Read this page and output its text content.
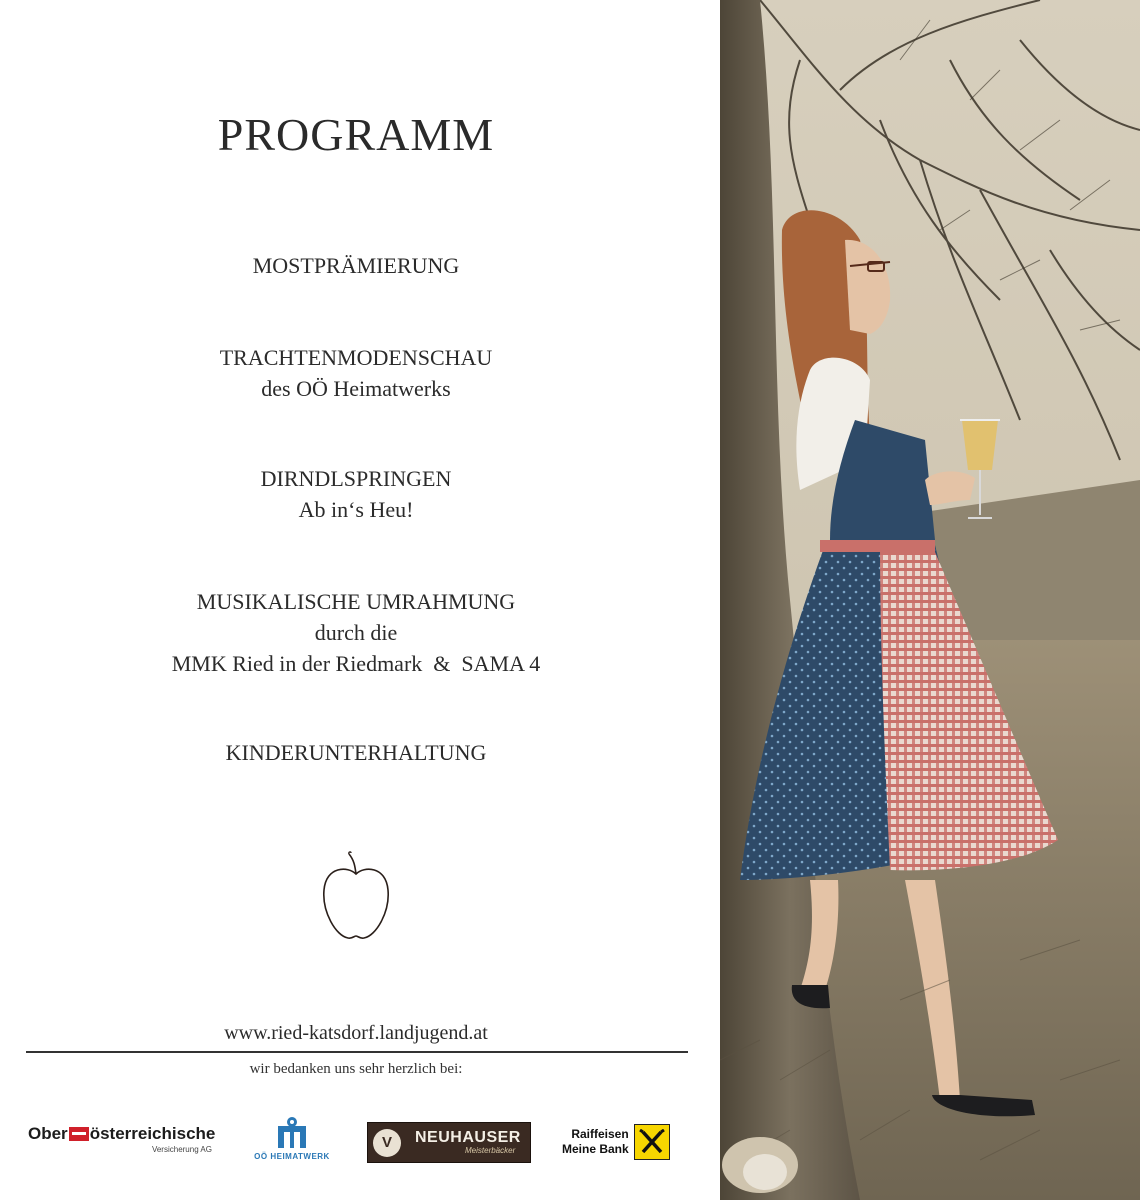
PROGRAMM
MOSTPRÄMIERUNG
TRACHTENMODENSCHAU
des OÖ Heimatwerks
DIRNDLSPRINGEN
Ab in‘s Heu!
MUSIKALISCHE UMRAHMUNG
durch die
MMK Ried in der Riedmark  &  SAMA 4
KINDERUNTERHALTUNG
www.ried-katsdorf.landjugend.at
wir bedanken uns sehr herzlich bei:
Ober österreichische
Versicherung AG
OÖ HEIMATWERK
V	NEUHAUSER
Meisterbäcker
Raiffeisen
Meine Bank
